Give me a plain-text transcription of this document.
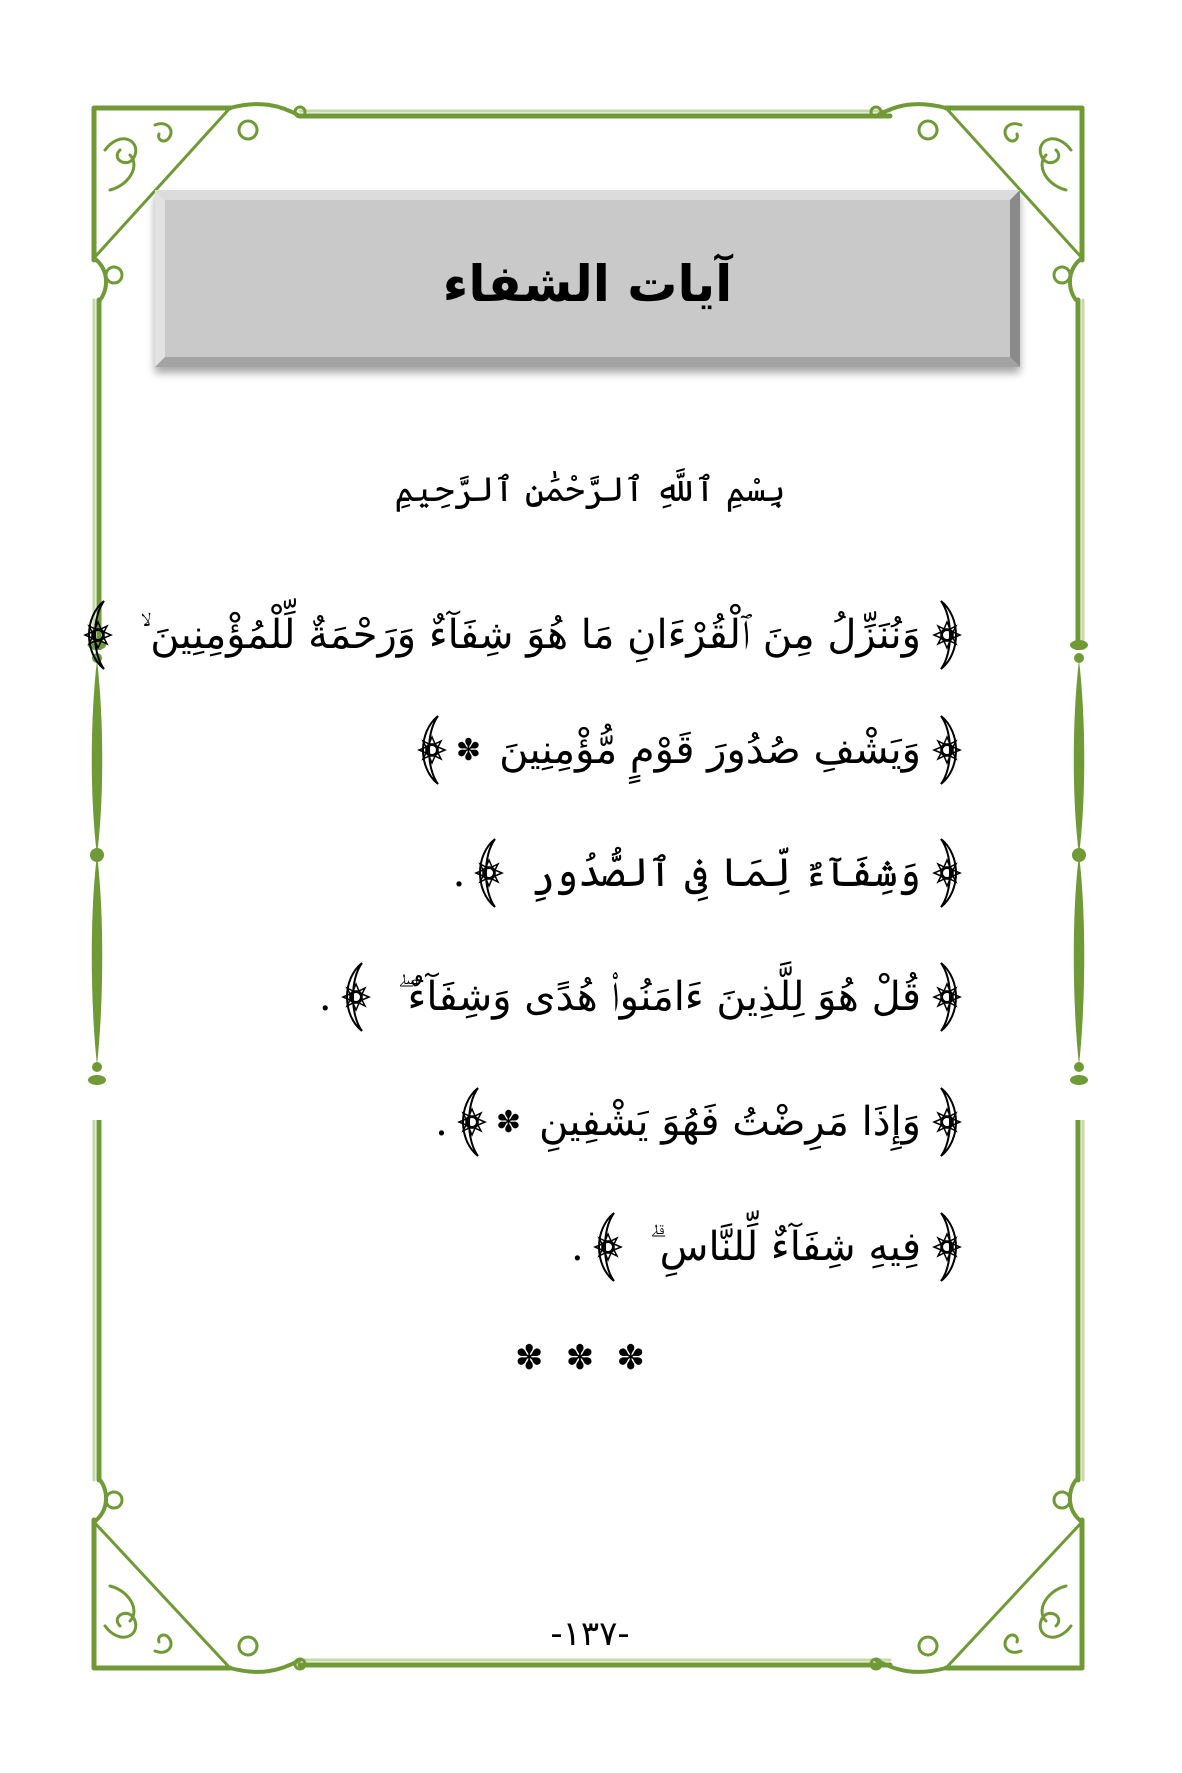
آيات الشفاء
بِسْمِ ٱللَّهِ ٱلرَّحْمَٰنِ ٱلرَّحِيمِ
وَنُنَزِّلُ مِنَ ٱلْقُرْءَانِ مَا هُوَ شِفَآءٌ وَرَحْمَةٌ لِّلْمُؤْمِنِينَ ۙ
وَيَشْفِ صُدُورَ قَوْمٍ مُّؤْمِنِينَ
✽
وَشِفَآءٌ لِّمَا فِى ٱلصُّدُورِ
.
قُلْ هُوَ لِلَّذِينَ ءَامَنُوا۟ هُدًى وَشِفَآءٌ ۖ
.
وَإِذَا مَرِضْتُ فَهُوَ يَشْفِينِ
✽
.
فِيهِ شِفَآءٌ لِّلنَّاسِ ۗ
.
✽ ✽ ✽
-١٣٧-
